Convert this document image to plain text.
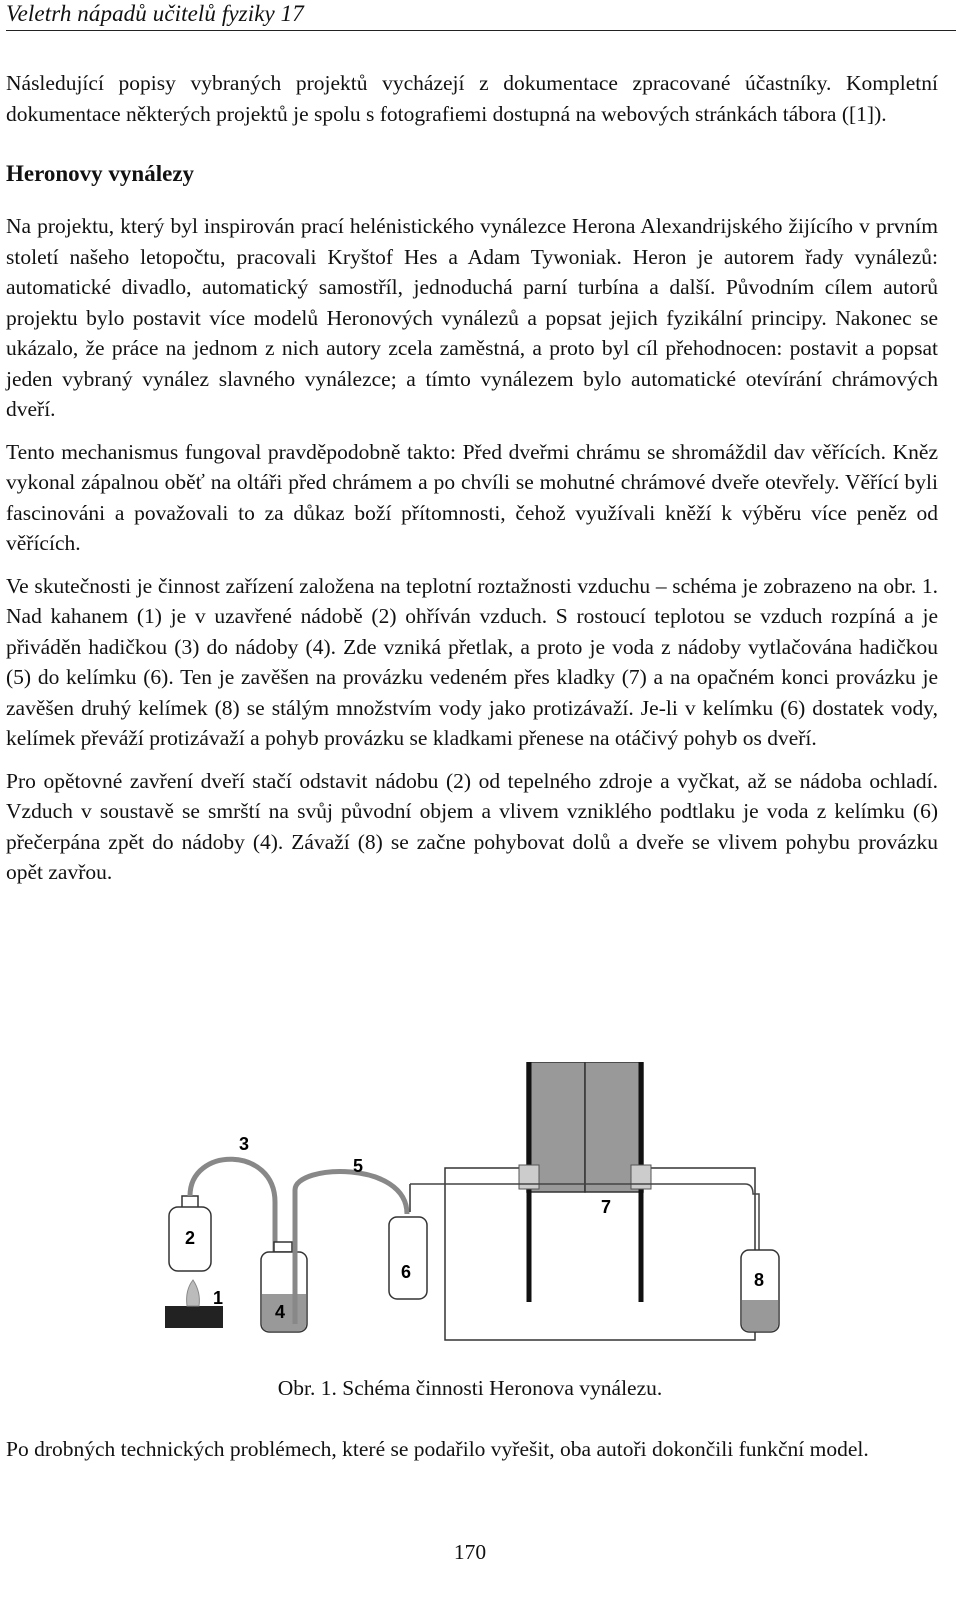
Veletrh nápadů učitelů fyziky 17

Následující popisy vybraných projektů vycházejí z dokumentace zpracované účastníky. Kompletní dokumentace některých projektů je spolu s fotografiemi dostupná na webových stránkách tábora ([1]).

Heronovy vynálezy

Na projektu, který byl inspirován prací helénistického vynálezce Herona Alexandrijského žijícího v prvním století našeho letopočtu, pracovali Kryštof Hes a Adam Tywoniak. Heron je autorem řady vynálezů: automatické divadlo, automatický samostříl, jednoduchá parní turbína a další. Původním cílem autorů projektu bylo postavit více modelů Heronových vynálezů a popsat jejich fyzikální principy. Nakonec se ukázalo, že práce na jednom z nich autory zcela zaměstná, a proto byl cíl přehodnocen: postavit a popsat jeden vybraný vynález slavného vynálezce; a tímto vynálezem bylo automatické otevírání chrámových dveří.

Tento mechanismus fungoval pravděpodobně takto: Před dveřmi chrámu se shromáždil dav věřících. Kněz vykonal zápalnou oběť na oltáři před chrámem a po chvíli se mohutné chrámové dveře otevřely. Věřící byli fascinováni a považovali to za důkaz boží přítomnosti, čehož využívali kněží k výběru více peněz od věřících.

Ve skutečnosti je činnost zařízení založena na teplotní roztažnosti vzduchu – schéma je zobrazeno na obr. 1. Nad kahanem (1) je v uzavřené nádobě (2) ohříván vzduch. S rostoucí teplotou se vzduch rozpíná a je přiváděn hadičkou (3) do nádoby (4). Zde vzniká přetlak, a proto je voda z nádoby vytlačována hadičkou (5) do kelímku (6). Ten je zavěšen na provázku vedeném přes kladky (7) a na opačném konci provázku je zavěšen druhý kelímek (8) se stálým množstvím vody jako protizávaží. Je-li v kelímku (6) dostatek vody, kelímek převáží protizávaží a pohyb provázku se kladkami přenese na otáčivý pohyb os dveří.

Pro opětovné zavření dveří stačí odstavit nádobu (2) od tepelného zdroje a vyčkat, až se nádoba ochladí. Vzduch v soustavě se smrští na svůj původní objem a vlivem vzniklého podtlaku je voda z kelímku (6) přečerpána zpět do nádoby (4). Závaží (8) se začne pohybovat dolů a dveře se vlivem pohybu provázku opět zavřou.

1
2
3
4
5
6
7
8
Obr. 1. Schéma činnosti Heronova vynálezu.

Po drobných technických problémech, které se podařilo vyřešit, oba autoři dokončili funkční model.

170
